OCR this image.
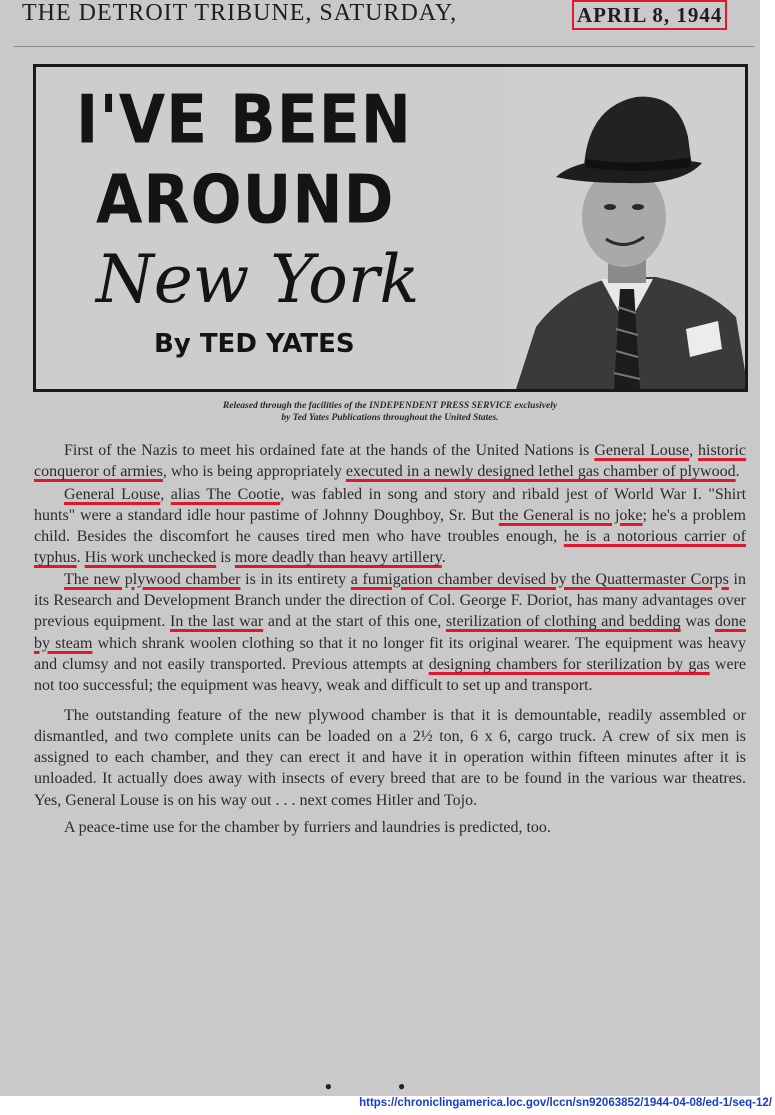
THE DETROIT TRIBUNE, SATURDAY,	APRIL 8, 1944
I'VE BEEN
AROUND
New York
By TED YATES
Released through the facilities of the INDEPENDENT PRESS SERVICE exclusively
by Ted Yates Publications throughout the United States.

First of the Nazis to meet his ordained fate at the hands of the United Nations is General Louse, historic conqueror of armies, who is being appropriately executed in a newly designed lethel gas chamber of plywood.

General Louse, alias The Cootie, was fabled in song and story and ribald jest of World War I. "Shirt hunts" were a standard idle hour pastime of Johnny Doughboy, Sr. But the General is no joke; he's a problem child. Besides the discomfort he causes tired men who have troubles enough, he is a notorious carrier of typhus. His work unchecked is more deadly than heavy artillery.

The new plywood chamber is in its entirety a fumigation chamber devised by the Quattermaster Corps in its Research and Development Branch under the direction of Col. George F. Doriot, has many advantages over previous equipment. In the last war and at the start of this one, sterilization of clothing and bedding was done by steam which shrank woolen clothing so that it no longer fit its original wearer. The equipment was heavy and clumsy and not easily transported. Previous attempts at designing chambers for sterilization by gas were not too successful; the equipment was heavy, weak and difficult to set up and transport.

The outstanding feature of the new plywood chamber is that it is demountable, readily assembled or dismantled, and two complete units can be loaded on a 2½ ton, 6 x 6, cargo truck. A crew of six men is assigned to each chamber, and they can erect it and have it in operation within fifteen minutes after it is unloaded. It actually does away with insects of every breed that are to be found in the various war theatres. Yes, General Louse is on his way out . . . next comes Hitler and Tojo.

A peace-time use for the chamber by furriers and laundries is predicted, too.

• •
https://chroniclingamerica.loc.gov/lccn/sn92063852/1944-04-08/ed-1/seq-12/
